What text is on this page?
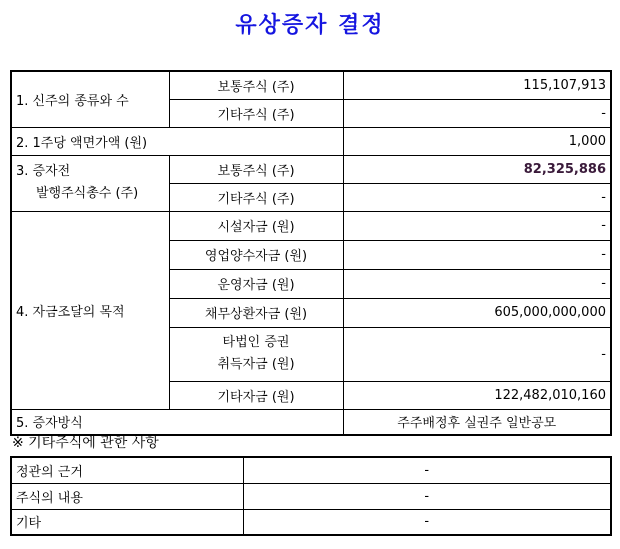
유상증자 결정
1. 신주의 종류와 수	보통주식 (주)	115,107,913
	기타주식 (주)	-
2. 1주당 액면가액 (원)		1,000

3. 증자전
발행주식총수 (주)	보통주식 (주)	82,325,886
	기타주식 (주)	-
4. 자금조달의 목적	시설자금 (원)	-
	영업양수자금 (원)	-
	운영자금 (원)	-
	채무상환자금 (원)	605,000,000,000

	타법인 증권
취득자금 (원)	-
	기타자금 (원)	122,482,010,160
5. 증자방식		주주배정후 실권주 일반공모
※ 기타주식에 관한 사항
정관의 근거	-
주식의 내용	-
기타	-
